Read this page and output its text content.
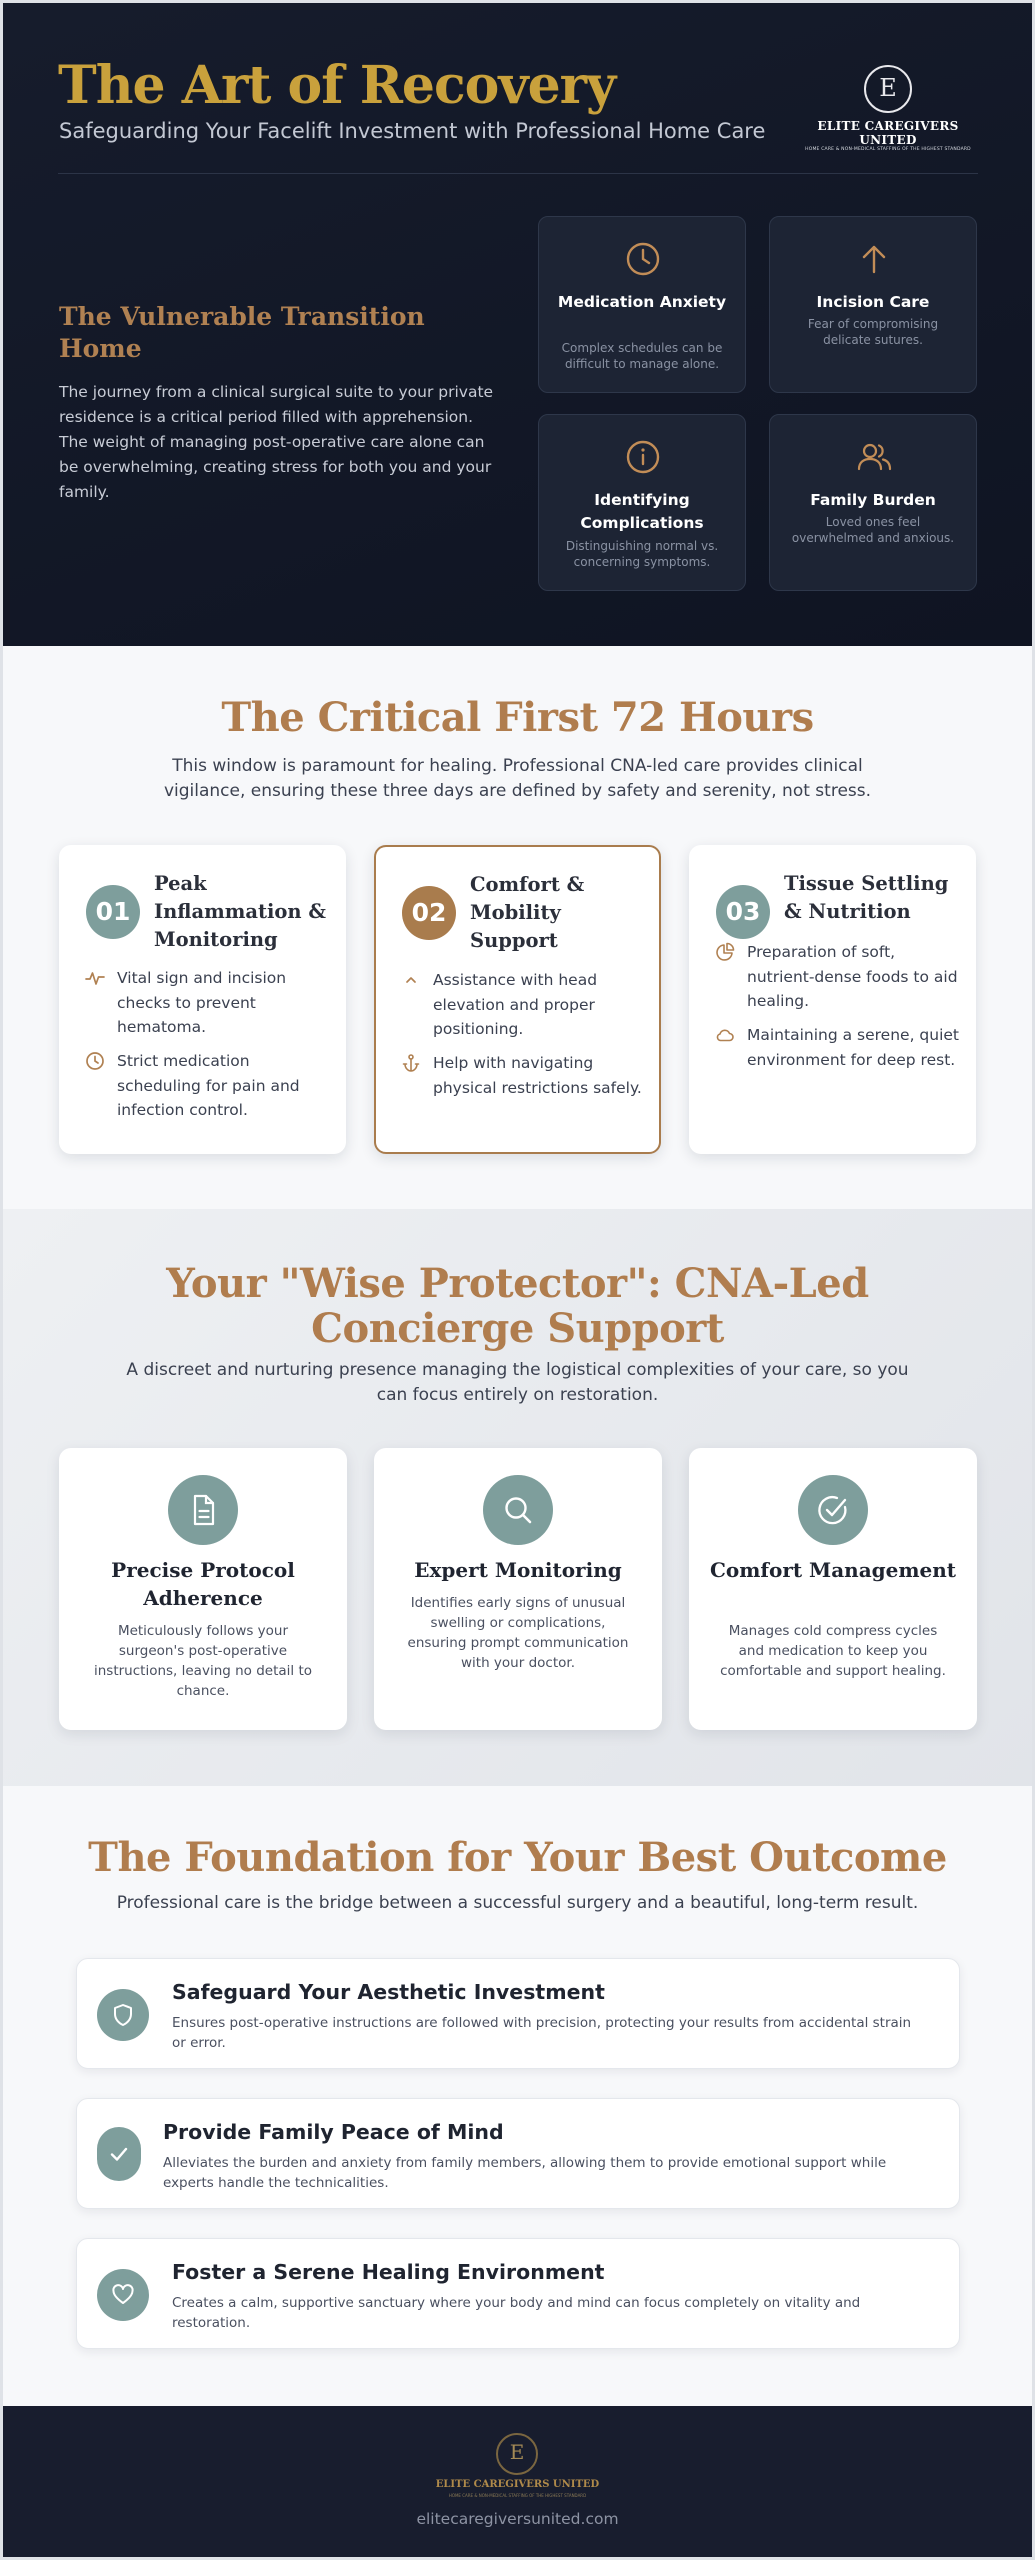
The Art of Recovery
Safeguarding Your Facelift Investment with Professional Home Care
E
ELITE CAREGIVERS UNITED
HOME CARE & NON-MEDICAL STAFFING OF THE HIGHEST STANDARD
The Vulnerable Transition Home

The journey from a clinical surgical suite to your private residence is a critical period filled with apprehension. The weight of managing post-operative care alone can be overwhelming, creating stress for both you and your family.

Medication Anxiety
Complex schedules can be difficult to manage alone.
Incision Care
Fear of compromising delicate sutures.
Identifying Complications
Distinguishing normal vs. concerning symptoms.
Family Burden
Loved ones feel overwhelmed and anxious.
The Critical First 72 Hours

This window is paramount for healing. Professional CNA-led care provides clinical vigilance, ensuring these three days are defined by safety and serenity, not stress.

01
Peak Inflammation & Monitoring
Vital sign and incision checks to prevent hematoma.
Strict medication scheduling for pain and infection control.
02
Comfort & Mobility Support
Assistance with head elevation and proper positioning.
Help with navigating physical restrictions safely.
03
Tissue Settling & Nutrition
Preparation of soft, nutrient-dense foods to aid healing.
Maintaining a serene, quiet environment for deep rest.
Your "Wise Protector": CNA-Led Concierge Support

A discreet and nurturing presence managing the logistical complexities of your care, so you can focus entirely on restoration.

Precise Protocol Adherence
Meticulously follows your surgeon's post-operative instructions, leaving no detail to chance.
Expert Monitoring
Identifies early signs of unusual swelling or complications, ensuring prompt communication with your doctor.
Comfort Management
Manages cold compress cycles and medication to keep you comfortable and support healing.
The Foundation for Your Best Outcome

Professional care is the bridge between a successful surgery and a beautiful, long-term result.

Safeguard Your Aesthetic Investment
Ensures post-operative instructions are followed with precision, protecting your results from accidental strain or error.
Provide Family Peace of Mind
Alleviates the burden and anxiety from family members, allowing them to provide emotional support while experts handle the technicalities.
Foster a Serene Healing Environment
Creates a calm, supportive sanctuary where your body and mind can focus completely on vitality and restoration.
E
ELITE CAREGIVERS UNITED
HOME CARE & NON-MEDICAL STAFFING OF THE HIGHEST STANDARD
elitecaregiversunited.com
